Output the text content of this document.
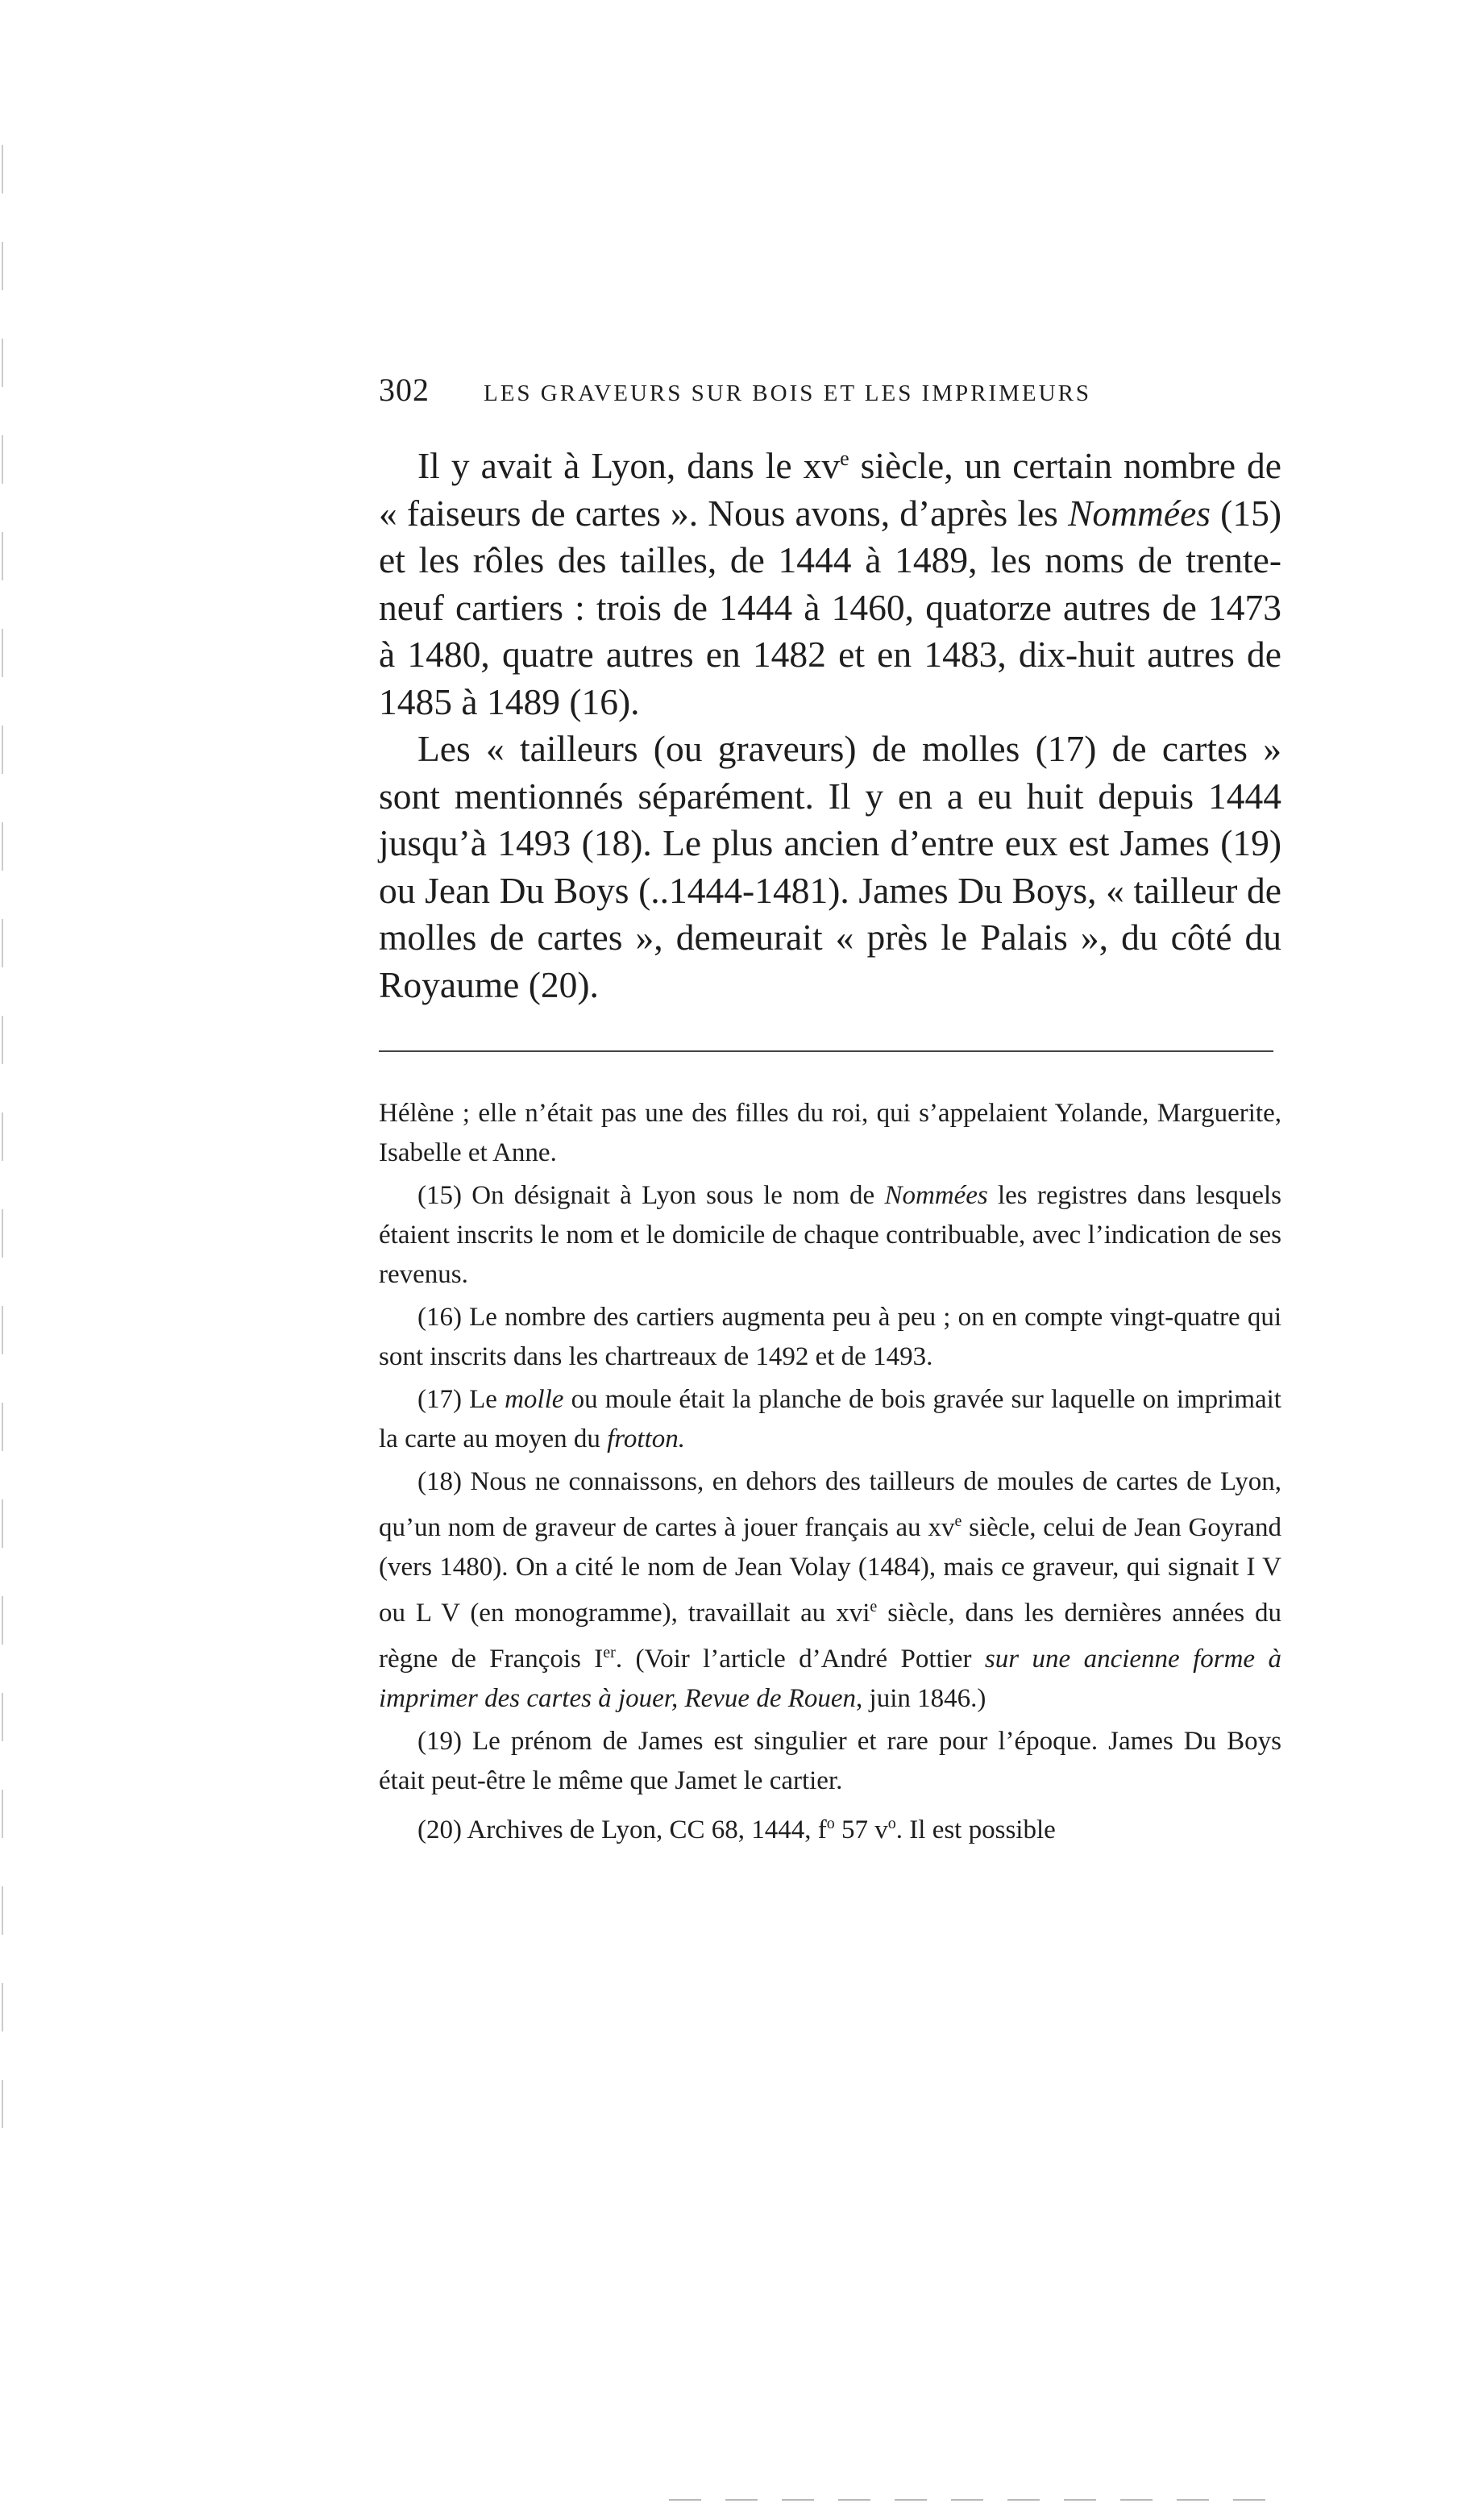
302	LES GRAVEURS SUR BOIS ET LES IMPRIMEURS

Il y avait à Lyon, dans le $xv^e$ siècle, un certain nombre de « faiseurs de cartes ». Nous avons, d’après les Nommées (15) et les rôles des tailles, de 1444 à 1489, les noms de trente-neuf cartiers : trois de 1444 à 1460, quatorze autres de 1473 à 1480, quatre autres en 1482 et en 1483, dix-huit autres de 1485 à 1489 (16).

Les « tailleurs (ou graveurs) de molles (17) de cartes » sont mentionnés séparément. Il y en a eu huit depuis 1444 jusqu’à 1493 (18). Le plus ancien d’entre eux est James (19) ou Jean Du Boys (..1444-1481). James Du Boys, « tailleur de molles de cartes », demeurait « près le Palais », du côté du Royaume (20).

Hélène ; elle n’était pas une des filles du roi, qui s’appelaient Yolande, Marguerite, Isabelle et Anne.

(15) On désignait à Lyon sous le nom de Nommées les registres dans lesquels étaient inscrits le nom et le domicile de chaque contribuable, avec l’indication de ses revenus.

(16) Le nombre des cartiers augmenta peu à peu ; on en compte vingt-quatre qui sont inscrits dans les chartreaux de 1492 et de 1493.

(17) Le molle ou moule était la planche de bois gravée sur laquelle on imprimait la carte au moyen du frotton.

(18) Nous ne connaissons, en dehors des tailleurs de moules de cartes de Lyon, qu’un nom de graveur de cartes à jouer français au $xv^e$ siècle, celui de Jean Goyrand (vers 1480). On a cité le nom de Jean Volay (1484), mais ce graveur, qui signait I V ou L V (en monogramme), travaillait au xvi$^e$ siècle, dans les dernières années du règne de François Ier. (Voir l’article d’André Pottier sur une ancienne forme à imprimer des cartes à jouer, Revue de Rouen, juin 1846.)

(19) Le prénom de James est singulier et rare pour l’époque. James Du Boys était peut-être le même que Jamet le cartier.

(20) Archives de Lyon, CC 68, 1444, $f^o$ 57 $v^o$. Il est possible
